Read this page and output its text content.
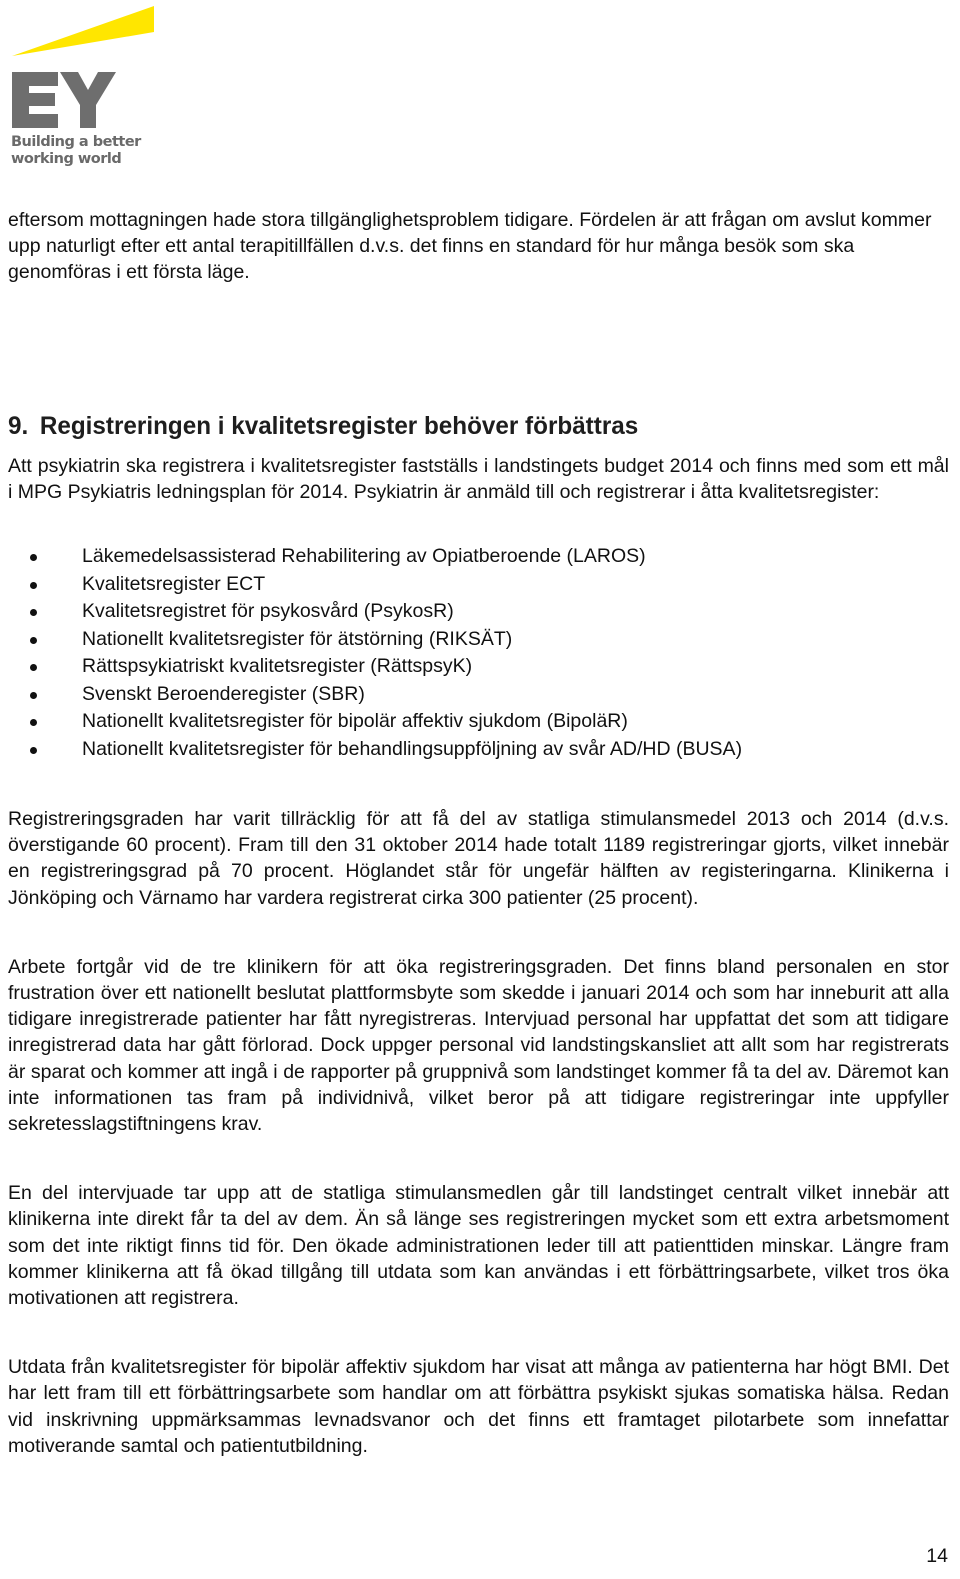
Building a better
working world

eftersom mottagningen hade stora tillgänglighetsproblem tidigare. Fördelen är att frågan om avslut kommer upp naturligt efter ett antal terapitillfällen d.v.s. det finns en standard för hur många besök som ska genomföras i ett första läge.

9. Registreringen i kvalitetsregister behöver förbättras

Att psykiatrin ska registrera i kvalitetsregister fastställs i landstingets budget 2014 och finns med som ett mål i MPG Psykiatris ledningsplan för 2014. Psykiatrin är anmäld till och registrerar i åtta kvalitetsregister:

Läkemedelsassisterad Rehabilitering av Opiatberoende (LAROS)
Kvalitetsregister ECT
Kvalitetsregistret för psykosvård (PsykosR)
Nationellt kvalitetsregister för ätstörning (RIKSÄT)
Rättspsykiatriskt kvalitetsregister (RättspsyK)
Svenskt Beroenderegister (SBR)
Nationellt kvalitetsregister för bipolär affektiv sjukdom (BipoläR)
Nationellt kvalitetsregister för behandlingsuppföljning av svår AD/HD (BUSA)

Registreringsgraden har varit tillräcklig för att få del av statliga stimulansmedel 2013 och 2014 (d.v.s. överstigande 60 procent). Fram till den 31 oktober 2014 hade totalt 1189 registreringar gjorts, vilket innebär en registreringsgrad på 70 procent. Höglandet står för ungefär hälften av registeringarna. Klinikerna i Jönköping och Värnamo har vardera registrerat cirka 300 patienter (25 procent).

Arbete fortgår vid de tre klinikern för att öka registreringsgraden. Det finns bland personalen en stor frustration över ett nationellt beslutat plattformsbyte som skedde i januari 2014 och som har inneburit att alla tidigare inregistrerade patienter har fått nyregistreras. Intervjuad personal har uppfattat det som att tidigare inregistrerad data har gått förlorad. Dock uppger personal vid landstingskansliet att allt som har registrerats är sparat och kommer att ingå i de rapporter på gruppnivå som landstinget kommer få ta del av. Däremot kan inte informationen tas fram på individnivå, vilket beror på att tidigare registreringar inte uppfyller sekretesslagstiftningens krav.

En del intervjuade tar upp att de statliga stimulansmedlen går till landstinget centralt vilket innebär att klinikerna inte direkt får ta del av dem. Än så länge ses registreringen mycket som ett extra arbetsmoment som det inte riktigt finns tid för. Den ökade administrationen leder till att patienttiden minskar. Längre fram kommer klinikerna att få ökad tillgång till utdata som kan användas i ett förbättringsarbete, vilket tros öka motivationen att registrera.

Utdata från kvalitetsregister för bipolär affektiv sjukdom har visat att många av patienterna har högt BMI. Det har lett fram till ett förbättringsarbete som handlar om att förbättra psykiskt sjukas somatiska hälsa. Redan vid inskrivning uppmärksammas levnadsvanor och det finns ett framtaget pilotarbete som innefattar motiverande samtal och patientutbildning.

14
